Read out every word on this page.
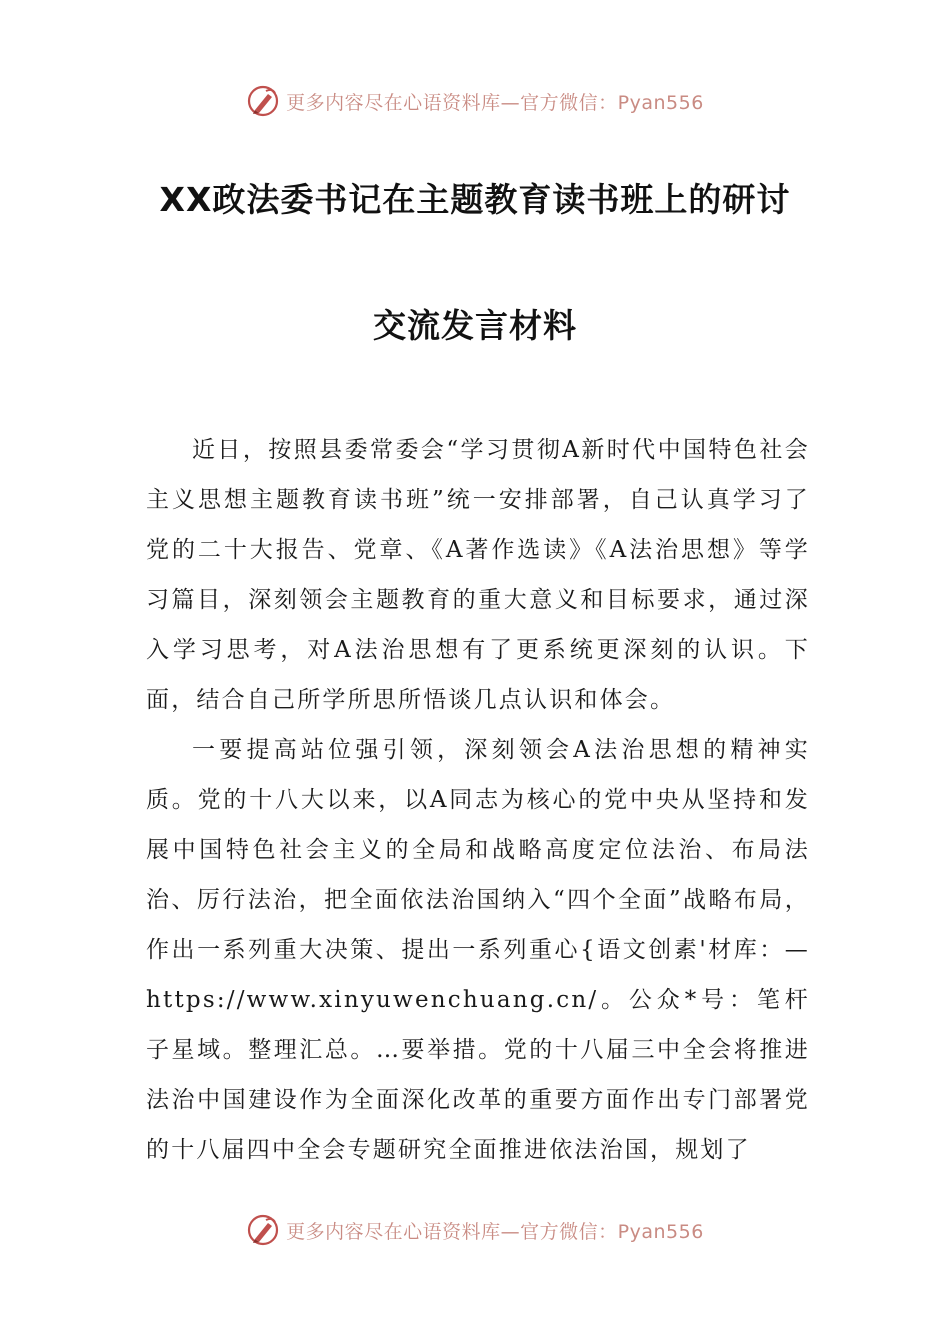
更多内容尽在心语资料库—官方微信：Pyan556
XX政法委书记在主题教育读书班上的研讨
交流发言材料

近日，按照县委常委会“学习贯彻A新时代中国特色社会主义思想主题教育读书班”统一安排部署，自己认真学习了党的二十大报告、党章、《A著作选读》《A法治思想》等学习篇目，深刻领会主题教育的重大意义和目标要求，通过深入学习思考，对A法治思想有了更系统更深刻的认识。下面，结合自己所学所思所悟谈几点认识和体会。

一要提高站位强引领，深刻领会A法治思想的精神实质。党的十八大以来，以A同志为核心的党中央从坚持和发展中国特色社会主义的全局和战略高度定位法治、布局法治、厉行法治，把全面依法治国纳入“四个全面”战略布局，作出一系列重大决策、提出一系列重心{语文创素'材库：—https://www.xinyuwenchuang.cn/。公众*号：笔杆子星域。整理汇总。…要举措。党的十八届三中全会将推进法治中国建设作为全面深化改革的重要方面作出专门部署党的十八届四中全会专题研究全面推进依法治国，规划了

更多内容尽在心语资料库—官方微信：Pyan556
